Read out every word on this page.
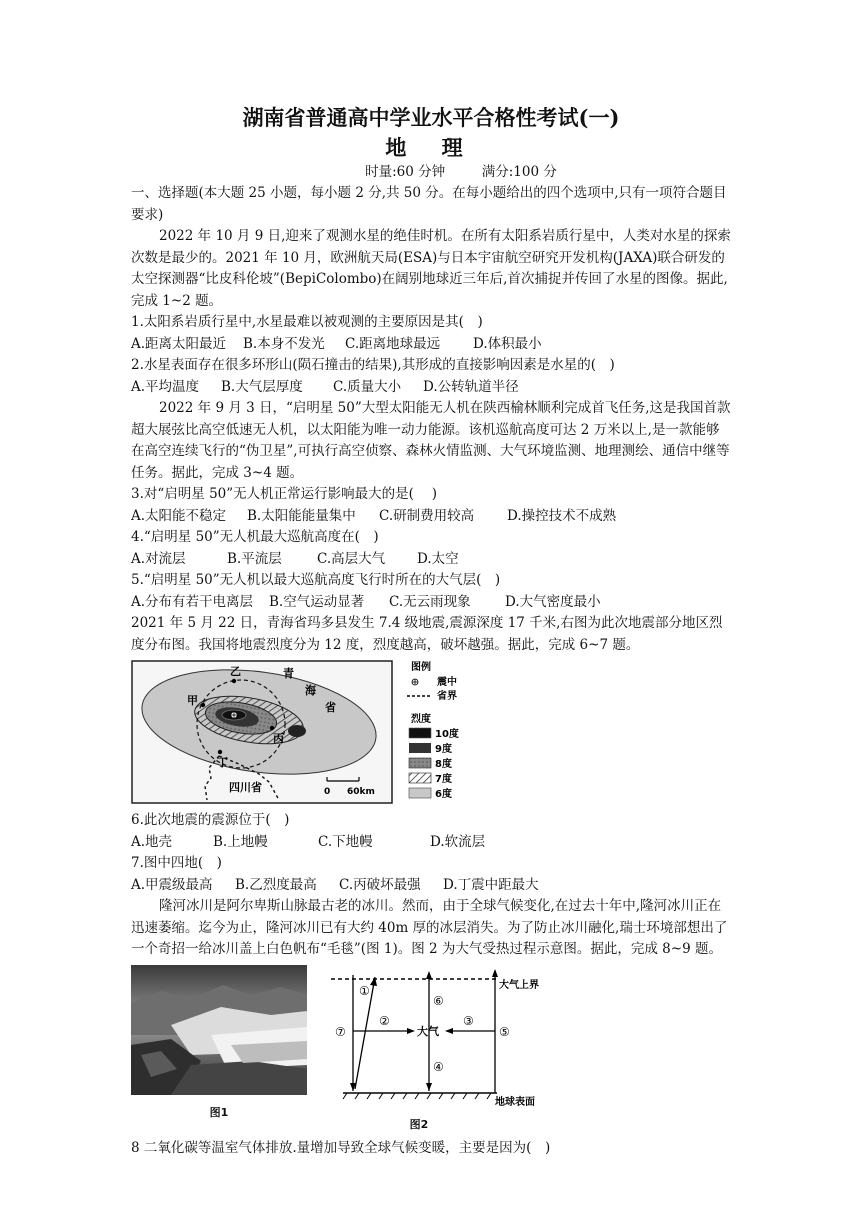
湖南省普通高中学业水平合格性考试(一)
地 理
时量:60 分钟	满分:100 分

一、选择题(本大题 25 小题，每小题 2 分,共 50 分。在每小题给出的四个选项中,只有一项符合题目要求)

2022 年 10 月 9 日,迎来了观测水星的绝佳时机。在所有太阳系岩质行星中，人类对水星的探索次数是最少的。2021 年 10 月，欧洲航天局(ESA)与日本宇宙航空研究开发机构(JAXA)联合研发的太空探测器“比皮科伦坡”(BepiColombo)在阔别地球近三年后,首次捕捉并传回了水星的图像。据此,完成 1~2 题。

1.太阳系岩质行星中,水星最难以被观测的主要原因是其(　)

A.距离太阳最近	B.本身不发光	C.距离地球最远	D.体积最小

2.水星表面存在很多环形山(陨石撞击的结果),其形成的直接影响因素是水星的(　)

A.平均温度	B.大气层厚度	C.质量大小	D.公转轨道半径

2022 年 9 月 3 日，“启明星 50”大型太阳能无人机在陕西榆林顺利完成首飞任务,这是我国首款超大展弦比高空低速无人机，以太阳能为唯一动力能源。该机巡航高度可达 2 万米以上,是一款能够在高空连续飞行的“伪卫星”,可执行高空侦察、森林火情监测、大气环境监测、地理测绘、通信中继等任务。据此，完成 3~4 题。

3.对“启明星 50”无人机正常运行影响最大的是(　 )

A.太阳能不稳定	B.太阳能能量集中	C.研制费用较高	D.操控技术不成熟

4.“启明星 50”无人机最大巡航高度在(　)

A.对流层	B.平流层	C.高层大气	D.太空

5.“启明星 50”无人机以最大巡航高度飞行时所在的大气层(　)

A.分布有若干电离层	B.空气运动显著	C.无云雨现象	D.大气密度最小

2021 年 5 月 22 日，青海省玛多县发生 7.4 级地震,震源深度 17 千米,右图为此次地震部分地区烈度分布图。我国将地震烈度分为 12 度，烈度越高，破坏越强。据此，完成 6~7 题。

甲
乙
丙
丁
青
海
省
四川省	0 60km
图例
震中
省界
烈度
10度
9度
8度
7度
6度

6.此次地震的震源位于(　)

A.地壳	B.上地幔	C.下地幔	D.软流层

7.图中四地(　)

A.甲震级最高	B.乙烈度最高	C.丙破坏最强	D.丁震中距最大

隆河冰川是阿尔卑斯山脉最古老的冰川。然而，由于全球气候变化,在过去十年中,隆河冰川正在迅速萎缩。迄今为止，隆河冰川已有大约 40m 厚的冰层消失。为了防止冰川融化,瑞士环境部想出了一个奇招一给冰川盖上白色帆布“毛毯”(图 1)。图 2 为大气受热过程示意图。据此，完成 8~9 题。

图1
大气上界
地球表面
大气
①
②	③
④
⑤
⑥
⑦
图2

8 二氧化碳等温室气体排放.量增加导致全球气候变暖，主要是因为(　)
